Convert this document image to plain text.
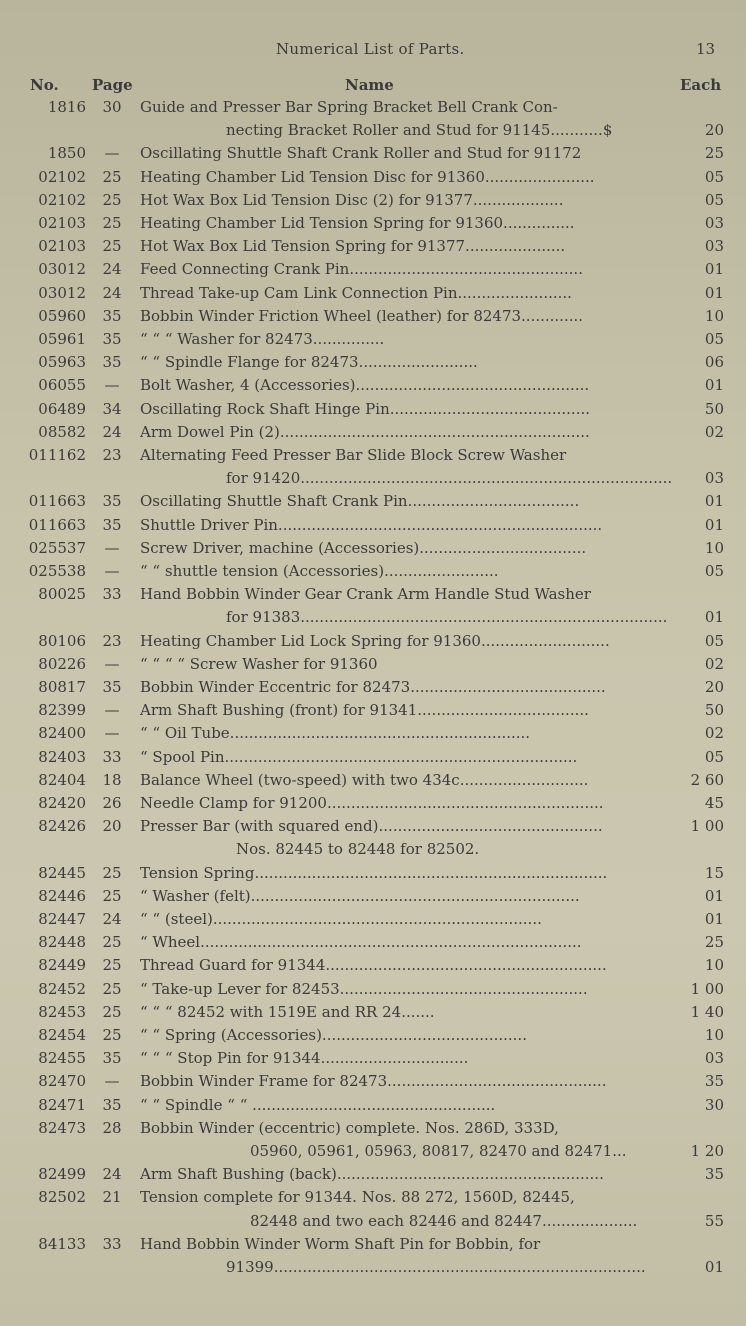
Numerical List of Parts.	13
No. Page	Name	Each
1816	30	Guide and Presser Bar Spring Bracket Bell Crank Con-
necting Bracket Roller and Stud for 91145...........$	20
1850	—	Oscillating Shuttle Shaft Crank Roller and Stud for 91172	25
02102	25	Heating Chamber Lid Tension Disc for 91360.......................	05
02102	25	Hot Wax Box Lid Tension Disc (2) for 91377...................	05
02103	25	Heating Chamber Lid Tension Spring for 91360...............	03
02103	25	Hot Wax Box Lid Tension Spring for 91377.....................	03
03012	24	Feed Connecting Crank Pin.................................................	01
03012	24	Thread Take-up Cam Link Connection Pin........................	01
05960	35	Bobbin Winder Friction Wheel (leather) for 82473.............	10
05961	35	“ “ “ Washer for 82473...............	05
05963	35	“ “ Spindle Flange for 82473.........................	06
06055	—	Bolt Washer, 4 (Accessories).................................................	01
06489	34	Oscillating Rock Shaft Hinge Pin..........................................	50
08582	24	Arm Dowel Pin (2).................................................................	02
011162	23	Alternating Feed Presser Bar Slide Block Screw Washer
for 91420..............................................................................	03
011663	35	Oscillating Shuttle Shaft Crank Pin....................................	01
011663	35	Shuttle Driver Pin....................................................................	01
025537	—	Screw Driver, machine (Accessories)...................................	10
025538	—	“ “ shuttle tension (Accessories)........................	05
80025	33	Hand Bobbin Winder Gear Crank Arm Handle Stud Washer
for 91383.............................................................................	01
80106	23	Heating Chamber Lid Lock Spring for 91360...........................	05
80226	—	“ “ “ “ Screw Washer for 91360	02
80817	35	Bobbin Winder Eccentric for 82473.........................................	20
82399	—	Arm Shaft Bushing (front) for 91341....................................	50
82400	—	“ “ Oil Tube...............................................................	02
82403	33	“ Spool Pin..........................................................................	05
82404	18	Balance Wheel (two-speed) with two 434c...........................	2 60
82420	26	Needle Clamp for 91200..........................................................	45
82426	20	Presser Bar (with squared end)...............................................	1 00
Nos. 82445 to 82448 for 82502.
82445	25	Tension Spring..........................................................................	15
82446	25	“ Washer (felt).....................................................................	01
82447	24	“ “ (steel).....................................................................	01
82448	25	“ Wheel................................................................................	25
82449	25	Thread Guard for 91344...........................................................	10
82452	25	“ Take-up Lever for 82453....................................................	1 00
82453	25	“ “ “ 82452 with 1519E and RR 24.......	1 40
82454	25	“ “ Spring (Accessories)...........................................	10
82455	35	“ “ “ Stop Pin for 91344...............................	03
82470	—	Bobbin Winder Frame for 82473..............................................	35
82471	35	“ “ Spindle “ “ ...................................................	30
82473	28	Bobbin Winder (eccentric) complete. Nos. 286D, 333D,
05960, 05961, 05963, 80817, 82470 and 82471...	1 20
82499	24	Arm Shaft Bushing (back)........................................................	35
82502	21	Tension complete for 91344. Nos. 88 272, 1560D, 82445,
82448 and two each 82446 and 82447....................	55
84133	33	Hand Bobbin Winder Worm Shaft Pin for Bobbin, for
91399..............................................................................	01
